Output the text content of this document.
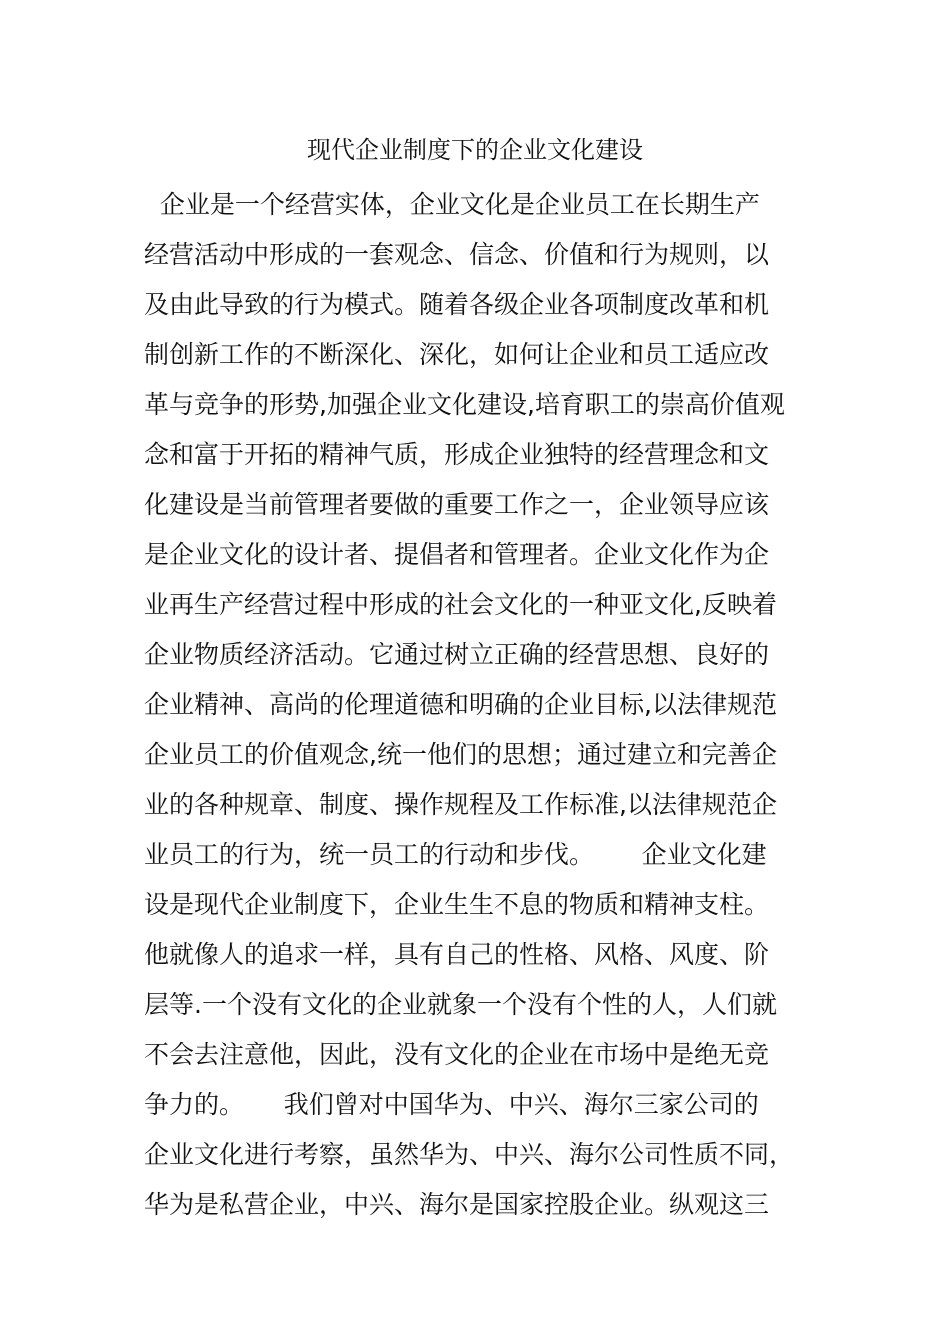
现代企业制度下的企业文化建设
企业是一个经营实体，企业文化是企业员工在长期生产
经营活动中形成的一套观念、信念、价值和行为规则，以
及由此导致的行为模式。随着各级企业各项制度改革和机
制创新工作的不断深化、深化，如何让企业和员工适应改
革与竞争的形势,加强企业文化建设,培育职工的崇高价值观
念和富于开拓的精神气质，形成企业独特的经营理念和文
化建设是当前管理者要做的重要工作之一，企业领导应该
是企业文化的设计者、提倡者和管理者。企业文化作为企
业再生产经营过程中形成的社会文化的一种亚文化,反映着
企业物质经济活动。它通过树立正确的经营思想、良好的
企业精神、高尚的伦理道德和明确的企业目标,以法律规范
企业员工的价值观念,统一他们的思想；通过建立和完善企
业的各种规章、制度、操作规程及工作标准,以法律规范企
业员工的行为，统一员工的行动和步伐。      企业文化建
设是现代企业制度下，企业生生不息的物质和精神支柱。
他就像人的追求一样，具有自己的性格、风格、风度、阶
层等.一个没有文化的企业就象一个没有个性的人，人们就
不会去注意他，因此，没有文化的企业在市场中是绝无竞
争力的。     我们曾对中国华为、中兴、海尔三家公司的
企业文化进行考察，虽然华为、中兴、海尔公司性质不同，
华为是私营企业，中兴、海尔是国家控股企业。纵观这三
